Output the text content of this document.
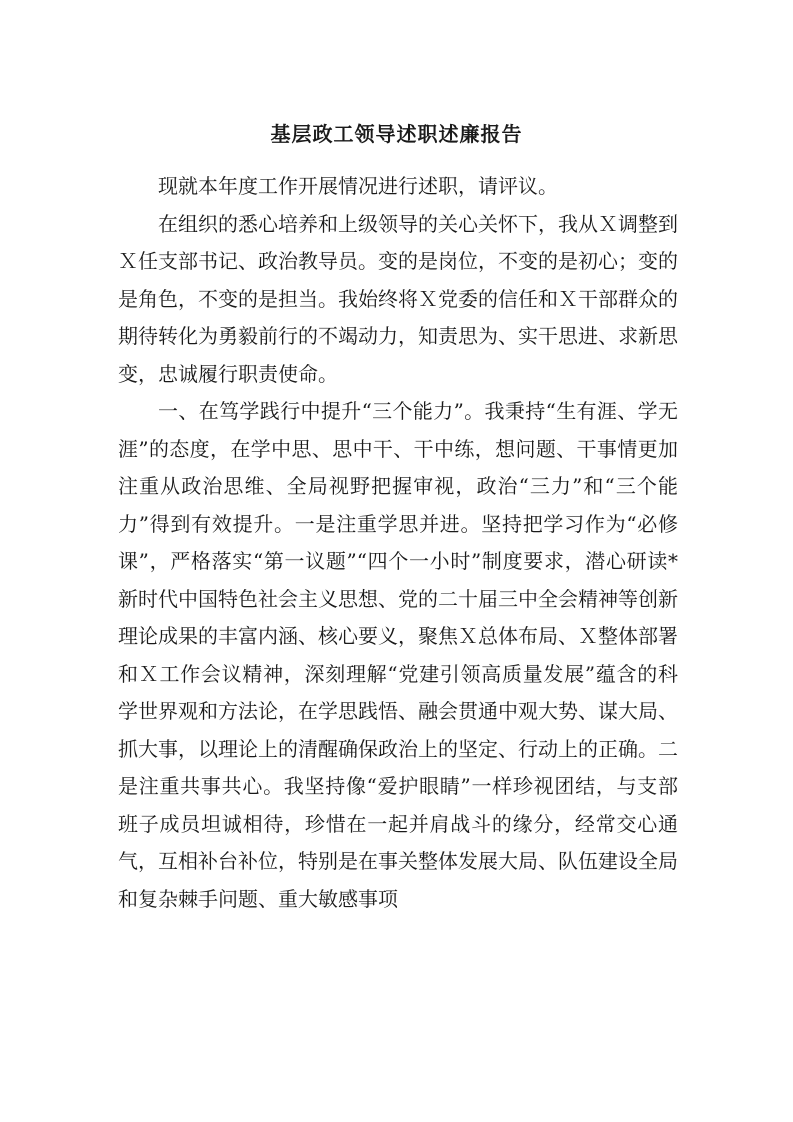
基层政工领导述职述廉报告

现就本年度工作开展情况进行述职，请评议。

在组织的悉心培养和上级领导的关心关怀下，我从Ｘ调整到Ｘ任支部书记、政治教导员。变的是岗位，不变的是初心；变的是角色，不变的是担当。我始终将Ｘ党委的信任和Ｘ干部群众的期待转化为勇毅前行的不竭动力，知责思为、实干思进、求新思变，忠诚履行职责使命。

一、在笃学践行中提升“三个能力”。我秉持“生有涯、学无涯”的态度，在学中思、思中干、干中练，想问题、干事情更加注重从政治思维、全局视野把握审视，政治“三力”和“三个能力”得到有效提升。一是注重学思并进。坚持把学习作为“必修课”，严格落实“第一议题”“四个一小时”制度要求，潜心研读*新时代中国特色社会主义思想、党的二十届三中全会精神等创新理论成果的丰富内涵、核心要义，聚焦Ｘ总体布局、Ｘ整体部署和Ｘ工作会议精神，深刻理解“党建引领高质量发展”蕴含的科学世界观和方法论，在学思践悟、融会贯通中观大势、谋大局、抓大事，以理论上的清醒确保政治上的坚定、行动上的正确。二是注重共事共心。我坚持像“爱护眼睛”一样珍视团结，与支部班子成员坦诚相待，珍惜在一起并肩战斗的缘分，经常交心通气，互相补台补位，特别是在事关整体发展大局、队伍建设全局和复杂棘手问题、重大敏感事项
